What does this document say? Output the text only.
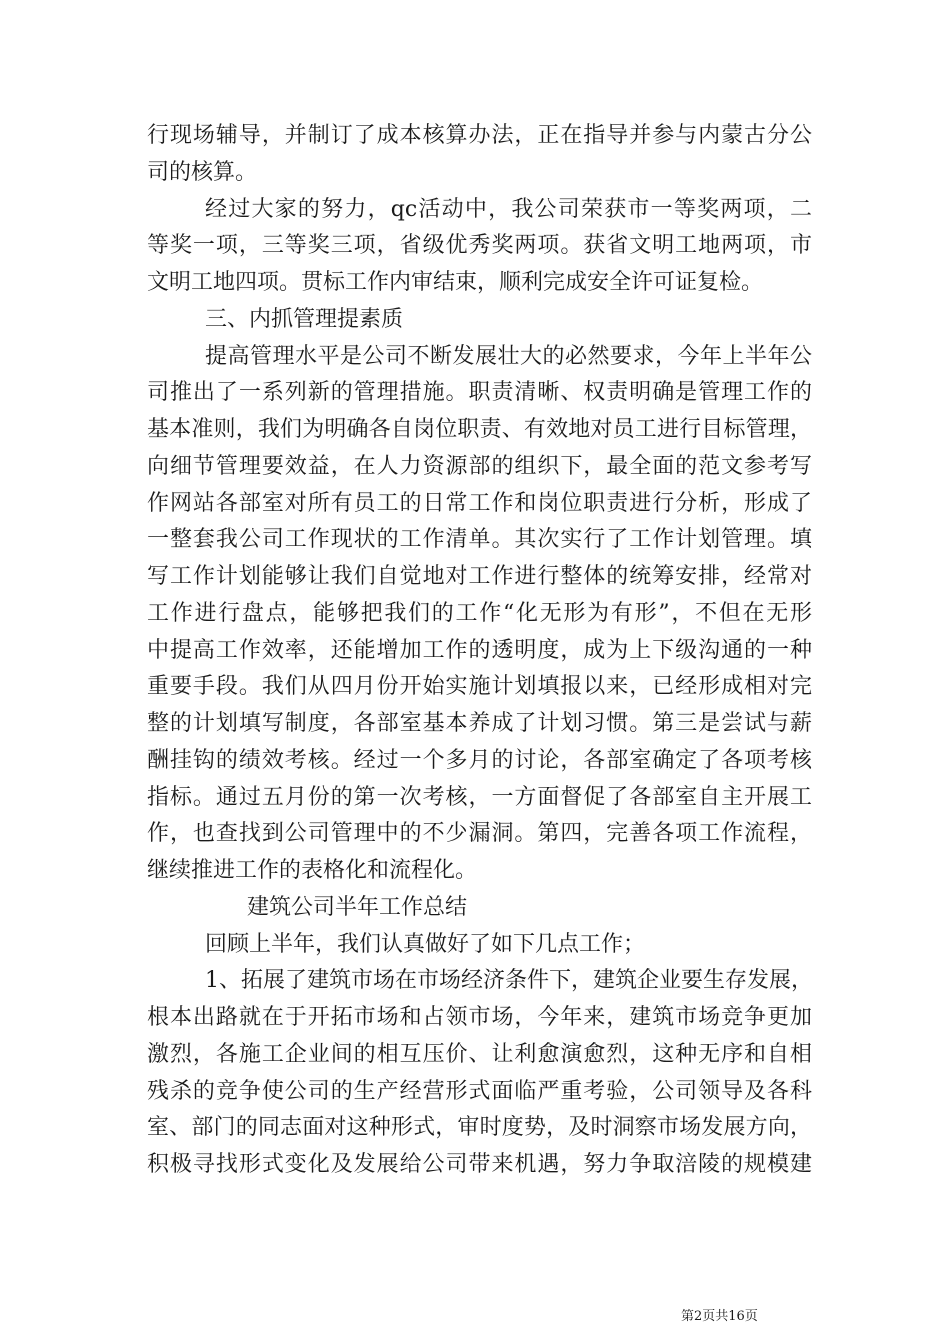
行现场辅导，并制订了成本核算办法，正在指导并参与内蒙古分公
司的核算。
经过大家的努力，qc活动中，我公司荣获市一等奖两项，二
等奖一项，三等奖三项，省级优秀奖两项。获省文明工地两项，市
文明工地四项。贯标工作内审结束，顺利完成安全许可证复检。
三、内抓管理提素质
提高管理水平是公司不断发展壮大的必然要求，今年上半年公
司推出了一系列新的管理措施。职责清晰、权责明确是管理工作的
基本准则，我们为明确各自岗位职责、有效地对员工进行目标管理，
向细节管理要效益，在人力资源部的组织下，最全面的范文参考写
作网站各部室对所有员工的日常工作和岗位职责进行分析，形成了
一整套我公司工作现状的工作清单。其次实行了工作计划管理。填
写工作计划能够让我们自觉地对工作进行整体的统筹安排，经常对
工作进行盘点，能够把我们的工作“化无形为有形”，不但在无形
中提高工作效率，还能增加工作的透明度，成为上下级沟通的一种
重要手段。我们从四月份开始实施计划填报以来，已经形成相对完
整的计划填写制度，各部室基本养成了计划习惯。第三是尝试与薪
酬挂钩的绩效考核。经过一个多月的讨论，各部室确定了各项考核
指标。通过五月份的第一次考核，一方面督促了各部室自主开展工
作，也查找到公司管理中的不少漏洞。第四，完善各项工作流程，
继续推进工作的表格化和流程化。
建筑公司半年工作总结
回顾上半年，我们认真做好了如下几点工作；
1、拓展了建筑市场在市场经济条件下，建筑企业要生存发展，
根本出路就在于开拓市场和占领市场，今年来，建筑市场竞争更加
激烈，各施工企业间的相互压价、让利愈演愈烈，这种无序和自相
残杀的竞争使公司的生产经营形式面临严重考验，公司领导及各科
室、部门的同志面对这种形式，审时度势，及时洞察市场发展方向，
积极寻找形式变化及发展给公司带来机遇，努力争取涪陵的规模建
第2页共16页
